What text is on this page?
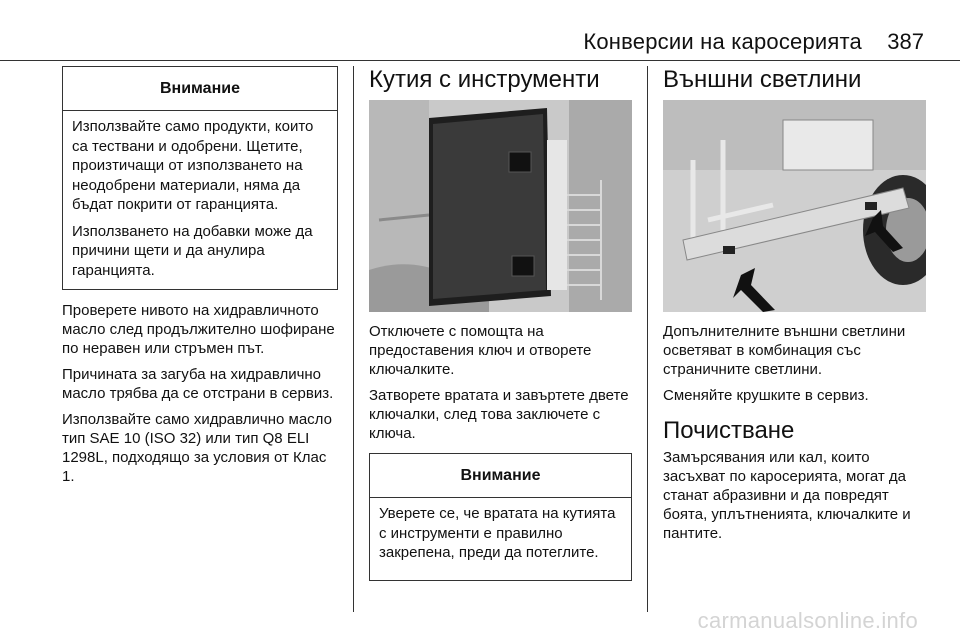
Конверсии на каросерията 387
Внимание

Използвайте само продукти, които са тествани и одобрени. Щетите, произтичащи от използването на неодобрени материали, няма да бъдат покрити от гаранцията.

Използването на добавки може да причини щети и да анулира гаранцията.

Проверете нивото на хидравличното масло след продължително шофиране по неравен или стръмен път.

Причината за загуба на хидравлично масло трябва да се отстрани в сервиз.

Използвайте само хидравлично масло тип SAE 10 (ISO 32) или тип Q8 ELI 1298L, подходящо за условия от Клас 1.

Кутия с инструменти

Отключете с помощта на предоставения ключ и отворете ключалките.

Затворете вратата и завъртете двете ключалки, след това заключете с ключа.

Внимание

Уверете се, че вратата на кутията с инструменти е правилно закрепена, преди да потеглите.

Външни светлини

Допълнителните външни светлини осветяват в комбинация със страничните светлини.

Сменяйте крушките в сервиз.

Почистване

Замърсявания или кал, които засъхват по каросерията, могат да станат абразивни и да повредят боята, уплътненията, ключалките и пантите.

carmanualsonline.info
